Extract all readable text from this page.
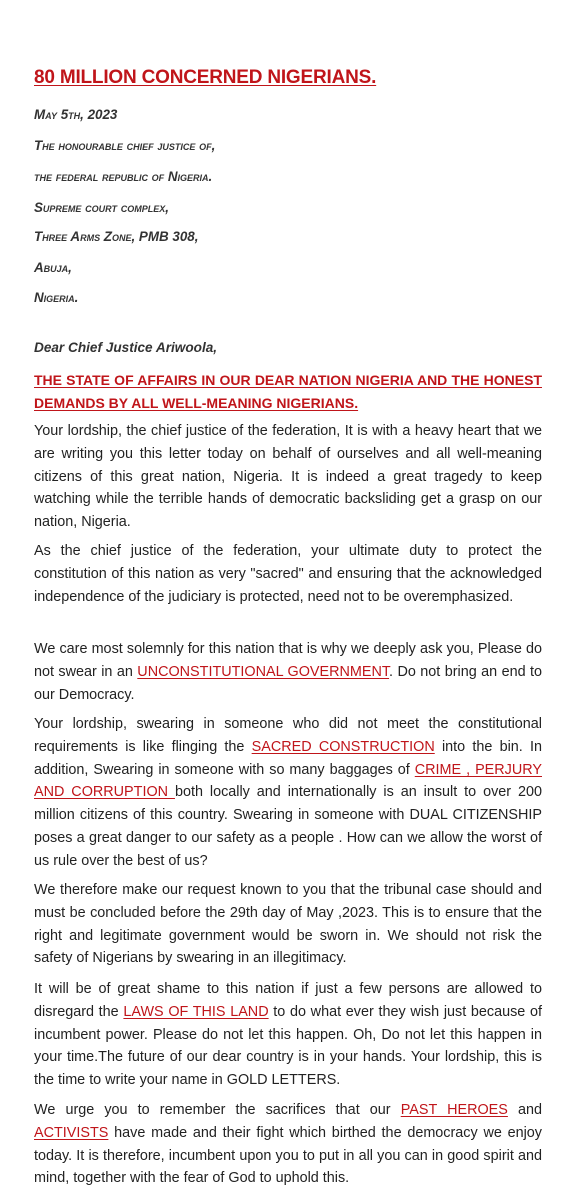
80 MILLION CONCERNED NIGERIANS.
May 5th, 2023
The honourable chief justice of,
the federal republic of Nigeria.
Supreme court complex,
Three Arms Zone, PMB 308,
Abuja,
Nigeria.
Dear Chief Justice Ariwoola,
THE STATE OF AFFAIRS IN OUR DEAR NATION NIGERIA AND THE HONEST DEMANDS BY ALL WELL-MEANING NIGERIANS.
Your lordship, the chief justice of the federation, It is with a heavy heart that we are writing you this letter today on behalf of ourselves and all well-meaning citizens of this great nation, Nigeria. It is indeed a great tragedy to keep watching while the terrible hands of democratic backsliding get a grasp on our nation, Nigeria.
As the chief justice of the federation, your ultimate duty to protect the constitution of this nation as very "sacred" and ensuring that the acknowledged independence of the judiciary is protected, need not to be overemphasized.
We care most solemnly for this nation that is why we deeply ask you, Please do not swear in an UNCONSTITUTIONAL GOVERNMENT. Do not bring an end to our Democracy.
Your lordship, swearing in someone who did not meet the constitutional requirements is like flinging the SACRED CONSTRUCTION into the bin. In addition, Swearing in someone with so many baggages of CRIME , PERJURY AND CORRUPTION both locally and internationally is an insult to over 200 million citizens of this country. Swearing in someone with DUAL CITIZENSHIP poses a great danger to our safety as a people . How can we allow the worst of us rule over the best of us?
We therefore make our request known to you that the tribunal case should and must be concluded before the 29th day of May ,2023. This is to ensure that the right and legitimate government would be sworn in. We should not risk the safety of Nigerians by swearing in an illegitimacy.
It will be of great shame to this nation if just a few persons are allowed to disregard the LAWS OF THIS LAND to do what ever they wish just because of incumbent power. Please do not let this happen. Oh, Do not let this happen in your time.The future of our dear country is in your hands. Your lordship, this is the time to write your name in GOLD LETTERS.
We urge you to remember the sacrifices that our PAST HEROES and ACTIVISTS have made and their fight which birthed the democracy we enjoy today. It is therefore, incumbent upon you to put in all you can in good spirit and mind, together with the fear of God to uphold this.
